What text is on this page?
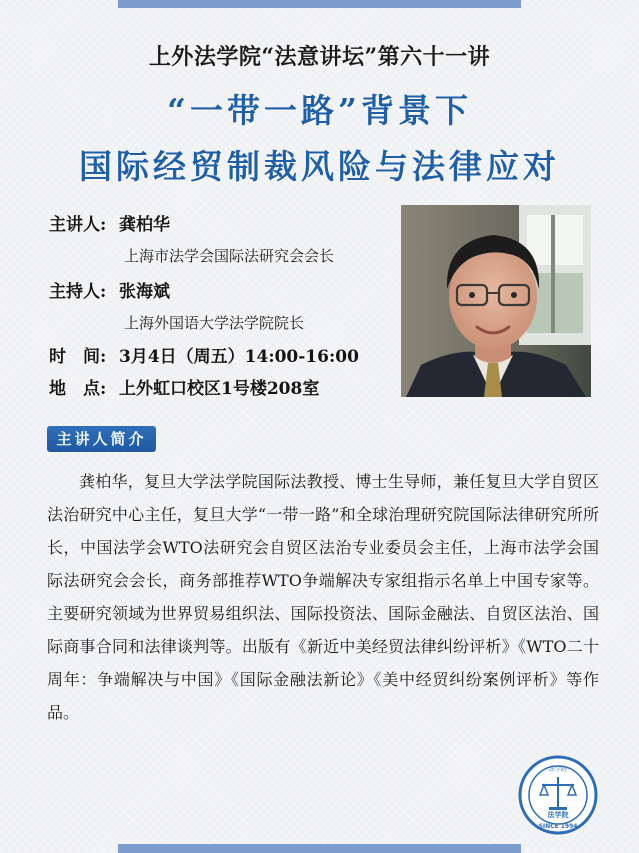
上外法学院“法意讲坛”第六十一讲
“一带一路”背景下
国际经贸制裁风险与法律应对
主讲人: 龚柏华
上海市法学会国际法研究会会长
主持人: 张海斌
上海外国语大学法学院院长
时　间: 3月4日（周五）14:00-16:00
地　点: 上外虹口校区1号楼208室
主讲人简介

龚柏华，复旦大学法学院国际法教授、博士生导师，兼任复旦大学自贸区法治研究中心主任，复旦大学“一带一路”和全球治理研究院国际法律研究所所长，中国法学会WTO法研究会自贸区法治专业委员会主任，上海市法学会国际法研究会会长，商务部推荐WTO争端解决专家组指示名单上中国专家等。主要研究领域为世界贸易组织法、国际投资法、国际金融法、自贸区法治、国际商事合同和法律谈判等。出版有《新近中美经贸法律纠纷评析》《WTO二十周年：争端解决与中国》《国际金融法新论》《美中经贸纠纷案例评析》等作品。

法学院
SINCE 1994
法学院
